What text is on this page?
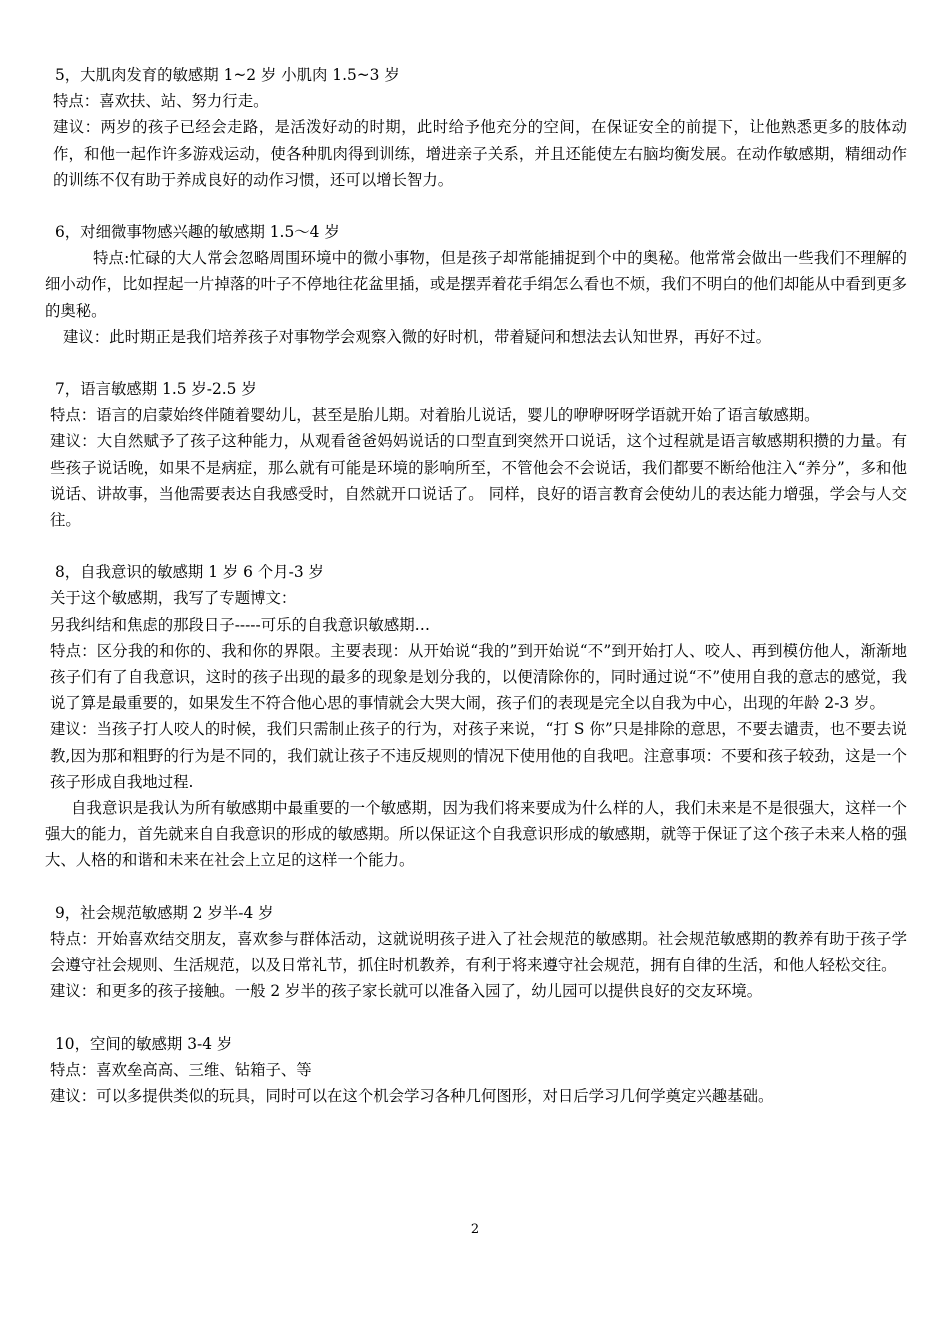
5，大肌肉发育的敏感期 1~2 岁 小肌肉 1.5~3 岁

特点：喜欢扶、站、努力行走。

建议：两岁的孩子已经会走路，是活泼好动的时期，此时给予他充分的空间，在保证安全的前提下，让他熟悉更多的肢体动作，和他一起作许多游戏运动，使各种肌肉得到训练，增进亲子关系，并且还能使左右脑均衡发展。在动作敏感期，精细动作的训练不仅有助于养成良好的动作习惯，还可以增长智力。

6，对细微事物感兴趣的敏感期 1.5～4 岁

特点:忙碌的大人常会忽略周围环境中的微小事物，但是孩子却常能捕捉到个中的奥秘。他常常会做出一些我们不理解的细小动作，比如捏起一片掉落的叶子不停地往花盆里插，或是摆弄着花手绢怎么看也不烦，我们不明白的他们却能从中看到更多的奥秘。

建议：此时期正是我们培养孩子对事物学会观察入微的好时机，带着疑问和想法去认知世界，再好不过。

7，语言敏感期 1.5 岁-2.5 岁

特点：语言的启蒙始终伴随着婴幼儿，甚至是胎儿期。对着胎儿说话，婴儿的咿咿呀呀学语就开始了语言敏感期。

建议：大自然赋予了孩子这种能力，从观看爸爸妈妈说话的口型直到突然开口说话，这个过程就是语言敏感期积攒的力量。有些孩子说话晚，如果不是病症，那么就有可能是环境的影响所至，不管他会不会说话，我们都要不断给他注入“养分”，多和他说话、讲故事，当他需要表达自我感受时，自然就开口说话了。 同样，良好的语言教育会使幼儿的表达能力增强，学会与人交往。

8，自我意识的敏感期 1 岁 6 个月-3 岁

关于这个敏感期，我写了专题博文：

另我纠结和焦虑的那段日子-----可乐的自我意识敏感期…

特点：区分我的和你的、我和你的界限。主要表现：从开始说“我的”到开始说“不”到开始打人、咬人、再到模仿他人，渐渐地孩子们有了自我意识，这时的孩子出现的最多的现象是划分我的，以便清除你的，同时通过说“不”使用自我的意志的感觉，我说了算是最重要的，如果发生不符合他心思的事情就会大哭大闹，孩子们的表现是完全以自我为中心，出现的年龄 2-3 岁。

建议：当孩子打人咬人的时候，我们只需制止孩子的行为，对孩子来说，“打 S 你”只是排除的意思，不要去谴责，也不要去说教,因为那和粗野的行为是不同的，我们就让孩子不违反规则的情况下使用他的自我吧。注意事项：不要和孩子较劲，这是一个孩子形成自我地过程.

自我意识是我认为所有敏感期中最重要的一个敏感期，因为我们将来要成为什么样的人，我们未来是不是很强大，这样一个强大的能力，首先就来自自我意识的形成的敏感期。所以保证这个自我意识形成的敏感期，就等于保证了这个孩子未来人格的强大、人格的和谐和未来在社会上立足的这样一个能力。

9，社会规范敏感期 2 岁半-4 岁

特点：开始喜欢结交朋友，喜欢参与群体活动，这就说明孩子进入了社会规范的敏感期。社会规范敏感期的教养有助于孩子学会遵守社会规则、生活规范，以及日常礼节，抓住时机教养，有利于将来遵守社会规范，拥有自律的生活，和他人轻松交往。

建议：和更多的孩子接触。一般 2 岁半的孩子家长就可以准备入园了，幼儿园可以提供良好的交友环境。

10，空间的敏感期 3-4 岁

特点：喜欢垒高高、三维、钻箱子、等

建议：可以多提供类似的玩具，同时可以在这个机会学习各种几何图形，对日后学习几何学奠定兴趣基础。

2
